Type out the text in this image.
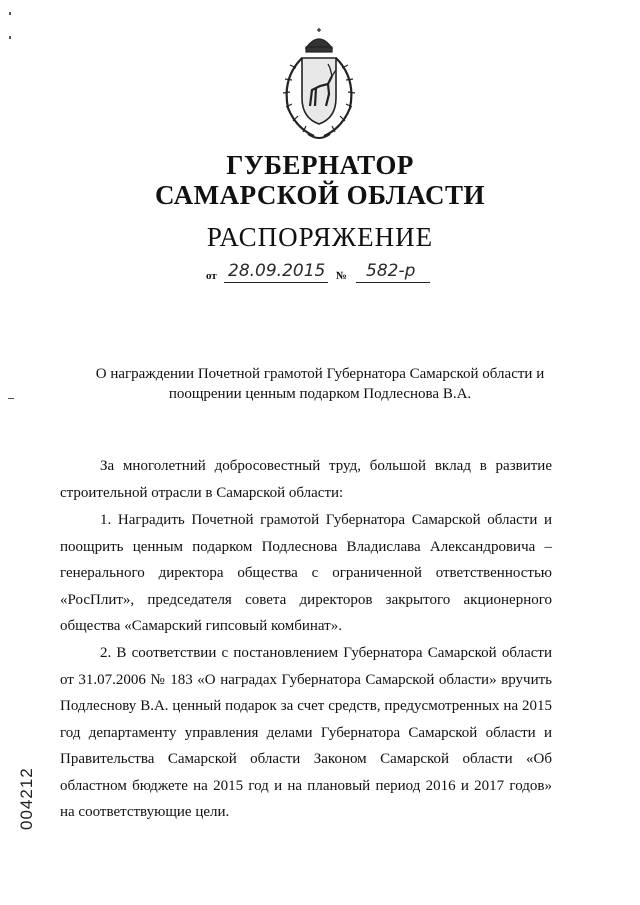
ГУБЕРНАТОР
САМАРСКОЙ ОБЛАСТИ
РАСПОРЯЖЕНИЕ
от 28.09.2015 № 582-р
О награждении Почетной грамотой Губернатора Самарской области и поощрении ценным подарком Подлеснова В.А.

За многолетний добросовестный труд, большой вклад в развитие строительной отрасли в Самарской области:

1. Наградить Почетной грамотой Губернатора Самарской области и поощрить ценным подарком Подлеснова Владислава Александровича – генерального директора общества с ограниченной ответственностью «РосПлит», председателя совета директоров закрытого акционерного общества «Самарский гипсовый комбинат».

2. В соответствии с постановлением Губернатора Самарской области от 31.07.2006 № 183 «О наградах Губернатора Самарской области» вручить Подлеснову В.А. ценный подарок за счет средств, предусмотренных на 2015 год департаменту управления делами Губернатора Самарской области и Правительства Самарской области Законом Самарской области «Об областном бюджете на 2015 год и на плановый период 2016 и 2017 годов» на соответствующие цели.

004212
